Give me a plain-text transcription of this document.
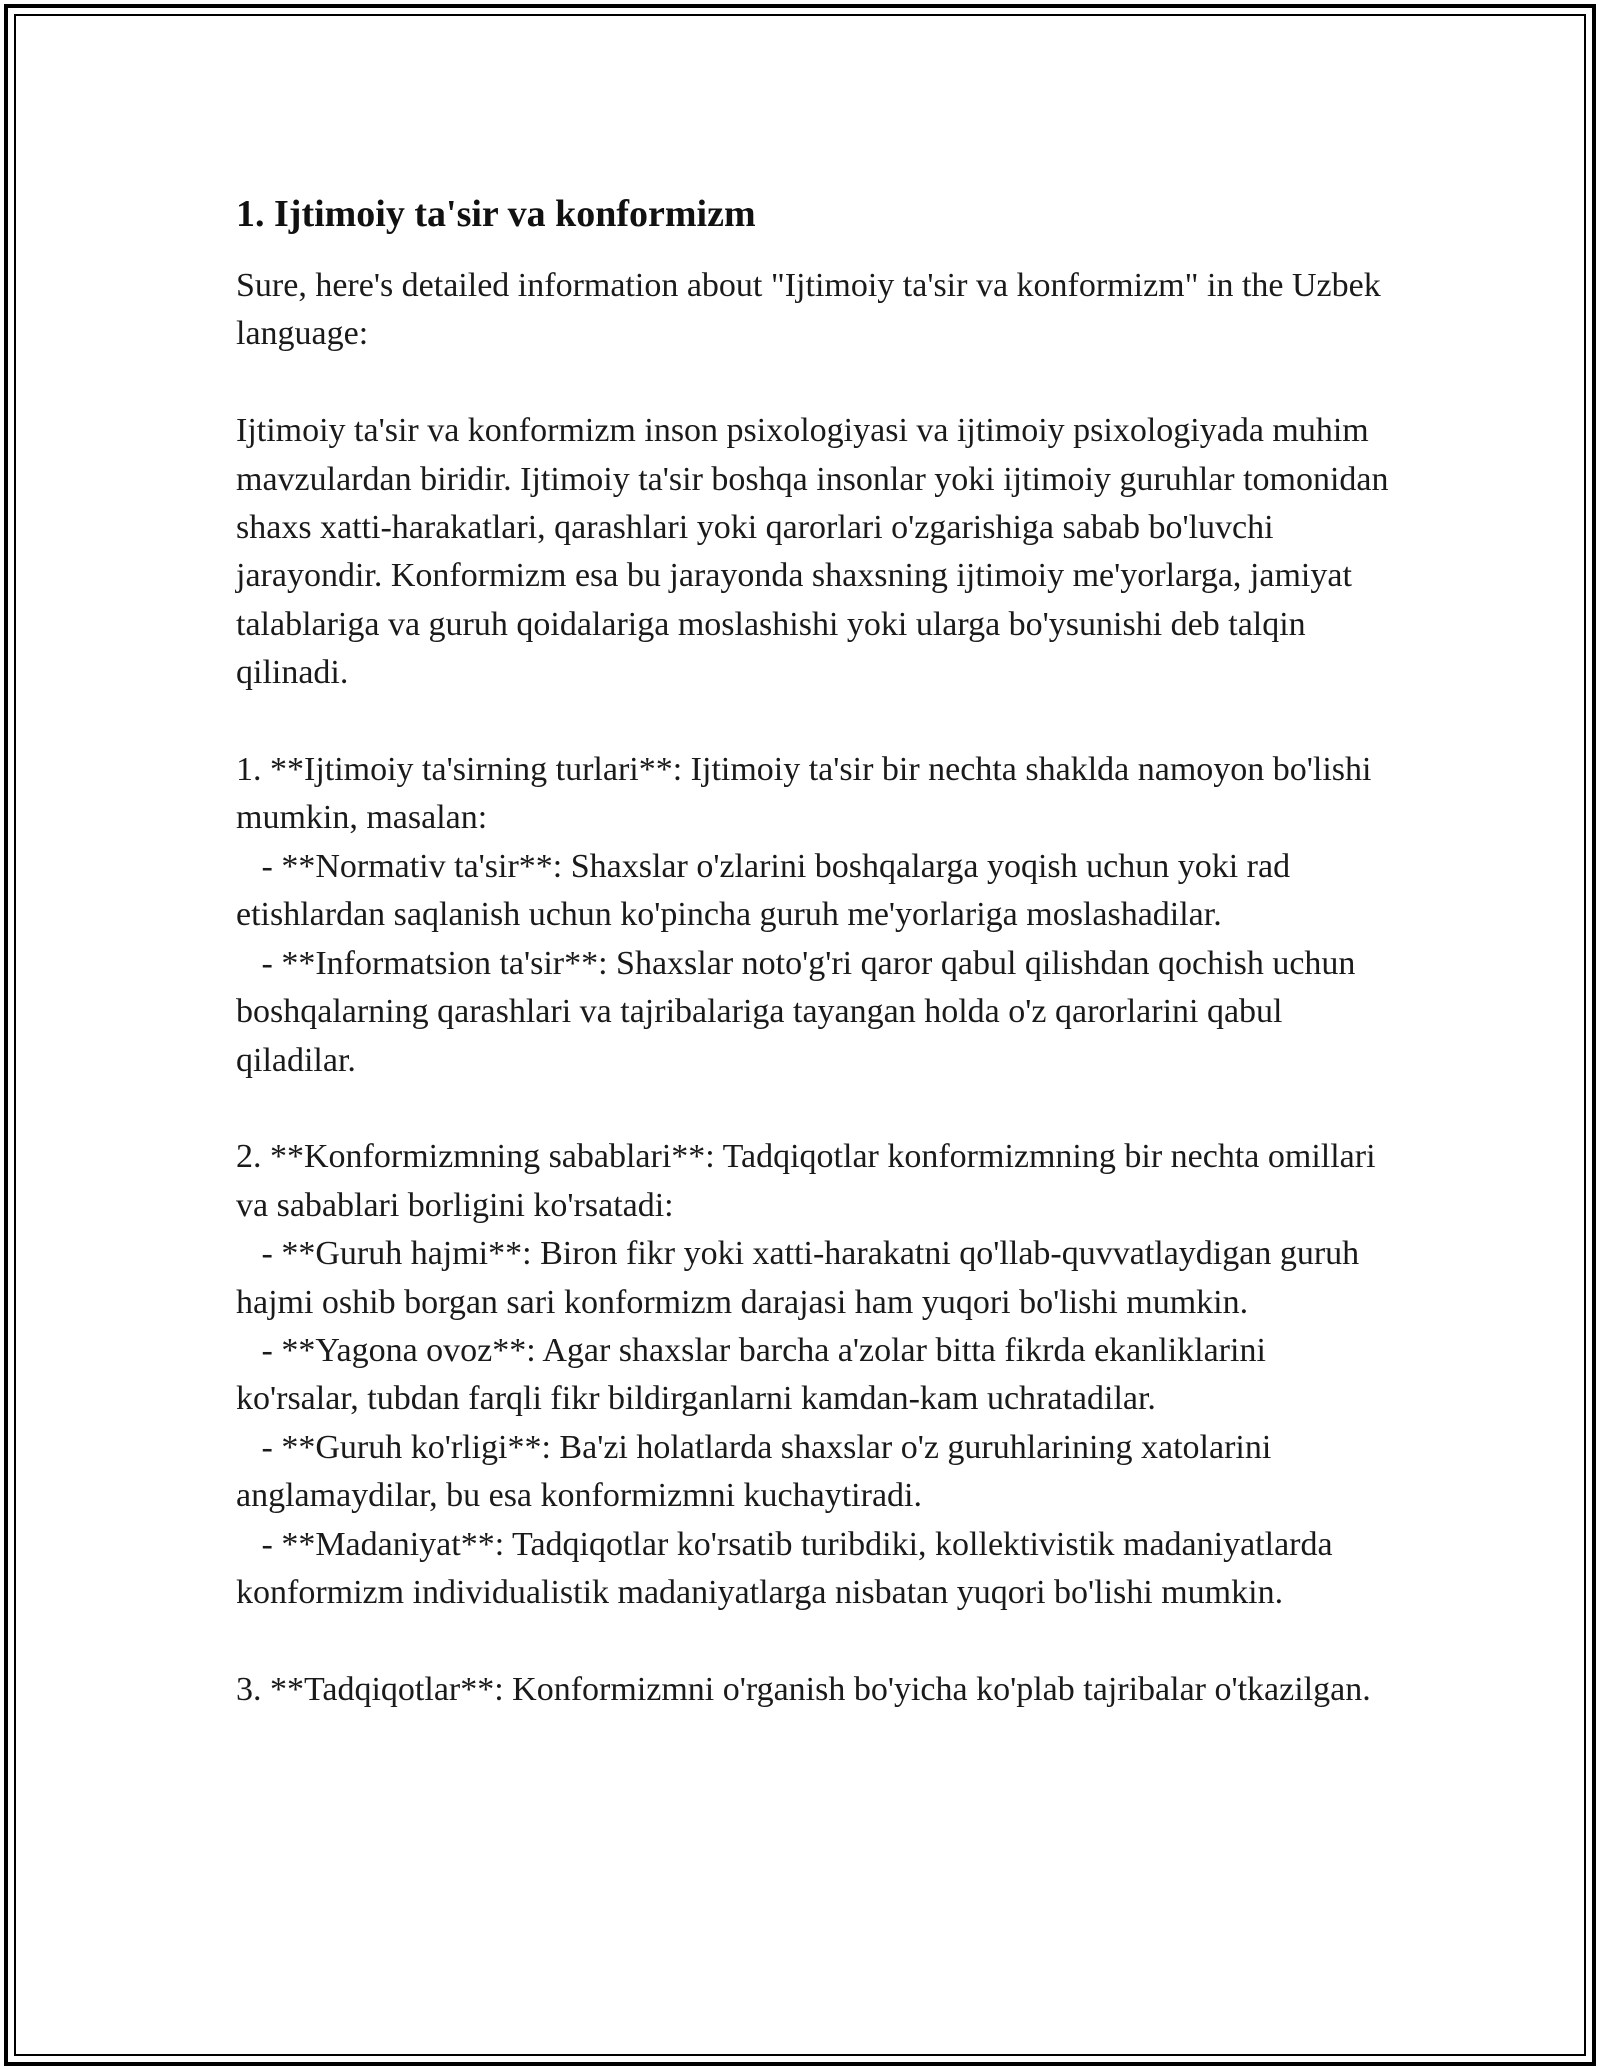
1. Ijtimoiy ta'sir va konformizm
Sure, here's detailed information about "Ijtimoiy ta'sir va konformizm" in the Uzbek language:

Ijtimoiy ta'sir va konformizm inson psixologiyasi va ijtimoiy psixologiyada muhim mavzulardan biridir. Ijtimoiy ta'sir boshqa insonlar yoki ijtimoiy guruhlar tomonidan shaxs xatti-harakatlari, qarashlari yoki qarorlari o'zgarishiga sabab bo'luvchi jarayondir. Konformizm esa bu jarayonda shaxsning ijtimoiy me'yorlarga, jamiyat talablariga va guruh qoidalariga moslashishi yoki ularga bo'ysunishi deb talqin qilinadi.

1. **Ijtimoiy ta'sirning turlari**: Ijtimoiy ta'sir bir nechta shaklda namoyon bo'lishi mumkin, masalan:
- **Normativ ta'sir**: Shaxslar o'zlarini boshqalarga yoqish uchun yoki rad etishlardan saqlanish uchun ko'pincha guruh me'yorlariga moslashadilar.
- **Informatsion ta'sir**: Shaxslar noto'g'ri qaror qabul qilishdan qochish uchun boshqalarning qarashlari va tajribalariga tayangan holda o'z qarorlarini qabul qiladilar.

2. **Konformizmning sabablari**: Tadqiqotlar konformizmning bir nechta omillari va sabablari borligini ko'rsatadi:
- **Guruh hajmi**: Biron fikr yoki xatti-harakatni qo'llab-quvvatlaydigan guruh hajmi oshib borgan sari konformizm darajasi ham yuqori bo'lishi mumkin.
- **Yagona ovoz**: Agar shaxslar barcha a'zolar bitta fikrda ekanliklarini ko'rsalar, tubdan farqli fikr bildirganlarni kamdan-kam uchratadilar.
- **Guruh ko'rligi**: Ba'zi holatlarda shaxslar o'z guruhlarining xatolarini anglamaydilar, bu esa konformizmni kuchaytiradi.
- **Madaniyat**: Tadqiqotlar ko'rsatib turibdiki, kollektivistik madaniyatlarda konformizm individualistik madaniyatlarga nisbatan yuqori bo'lishi mumkin.

3. **Tadqiqotlar**: Konformizmni o'rganish bo'yicha ko'plab tajribalar o'tkazilgan.
